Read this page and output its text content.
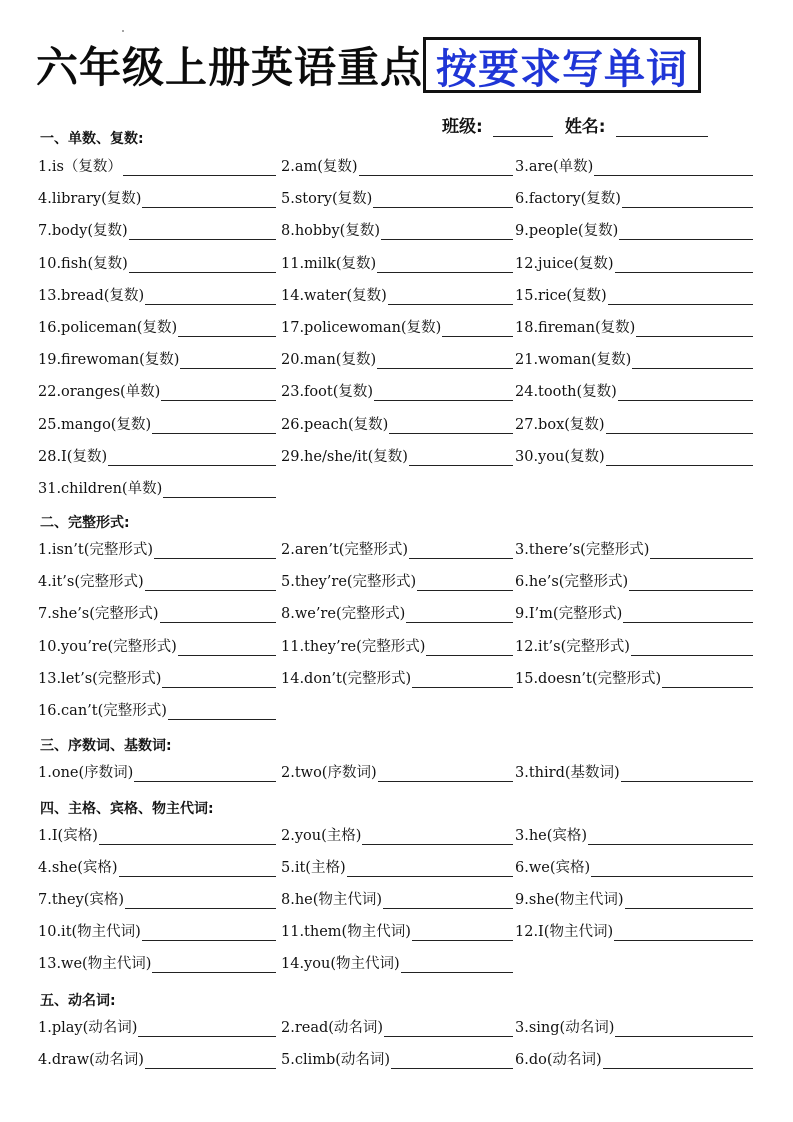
六年级上册英语重点 按要求写单词
班级:	姓名:
一、单数、复数:
1.is（复数）	2.am(复数)	3.are(单数)
4.library(复数)	5.story(复数)	6.factory(复数)
7.body(复数)	8.hobby(复数)	9.people(复数)
10.fish(复数)	11.milk(复数)	12.juice(复数)
13.bread(复数)	14.water(复数)	15.rice(复数)
16.policeman(复数)	17.policewoman(复数)	18.fireman(复数)
19.firewoman(复数)	20.man(复数)	21.woman(复数)
22.oranges(单数)	23.foot(复数)	24.tooth(复数)
25.mango(复数)	26.peach(复数)	27.box(复数)
28.I(复数)	29.he/she/it(复数)	30.you(复数)
31.children(单数)
二、完整形式:
1.isn’t(完整形式)	2.aren’t(完整形式)	3.there’s(完整形式)
4.it’s(完整形式)	5.they’re(完整形式)	6.he’s(完整形式)
7.she’s(完整形式)	8.we’re(完整形式)	9.I’m(完整形式)
10.you’re(完整形式)	11.they’re(完整形式)	12.it’s(完整形式)
13.let’s(完整形式)	14.don’t(完整形式)	15.doesn’t(完整形式)
16.can’t(完整形式)
三、序数词、基数词:
1.one(序数词)	2.two(序数词)	3.third(基数词)
四、主格、宾格、物主代词:
1.I(宾格)	2.you(主格)	3.he(宾格)
4.she(宾格)	5.it(主格)	6.we(宾格)
7.they(宾格)	8.he(物主代词)	9.she(物主代词)
10.it(物主代词)	11.them(物主代词)	12.I(物主代词)
13.we(物主代词)	14.you(物主代词)
五、动名词:
1.play(动名词)	2.read(动名词)	3.sing(动名词)
4.draw(动名词)	5.climb(动名词)	6.do(动名词)
